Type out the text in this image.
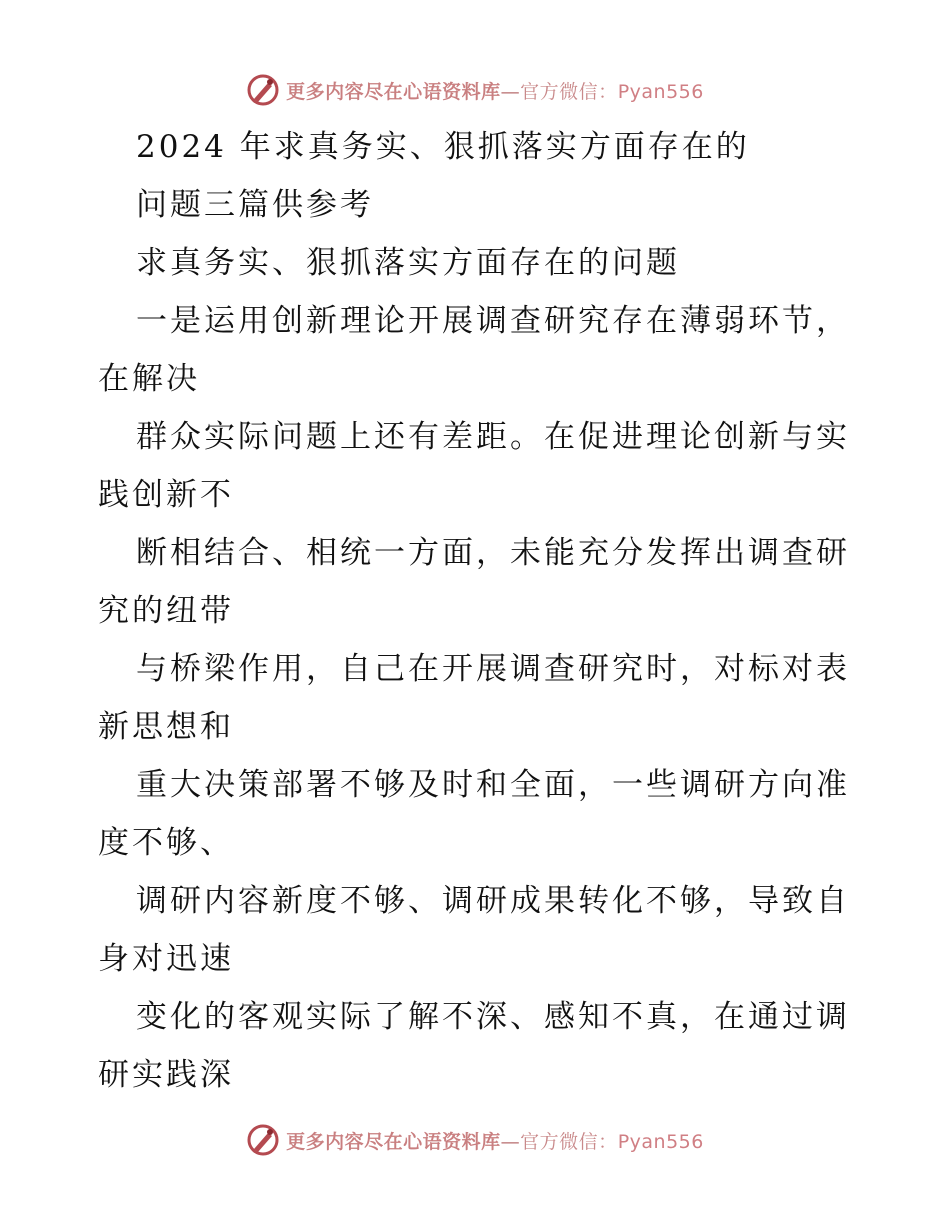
更多内容尽在心语资料库—官方微信：Pyan556
2024 年求真务实、狠抓落实方面存在的
问题三篇供参考
求真务实、狠抓落实方面存在的问题
一是运用创新理论开展调查研究存在薄弱环节，
在解决
群众实际问题上还有差距。在促进理论创新与实
践创新不
断相结合、相统一方面，未能充分发挥出调查研
究的纽带
与桥梁作用，自己在开展调查研究时，对标对表
新思想和
重大决策部署不够及时和全面，一些调研方向准
度不够、
调研内容新度不够、调研成果转化不够，导致自
身对迅速
变化的客观实际了解不深、感知不真，在通过调
研实践深
更多内容尽在心语资料库—官方微信：Pyan556
